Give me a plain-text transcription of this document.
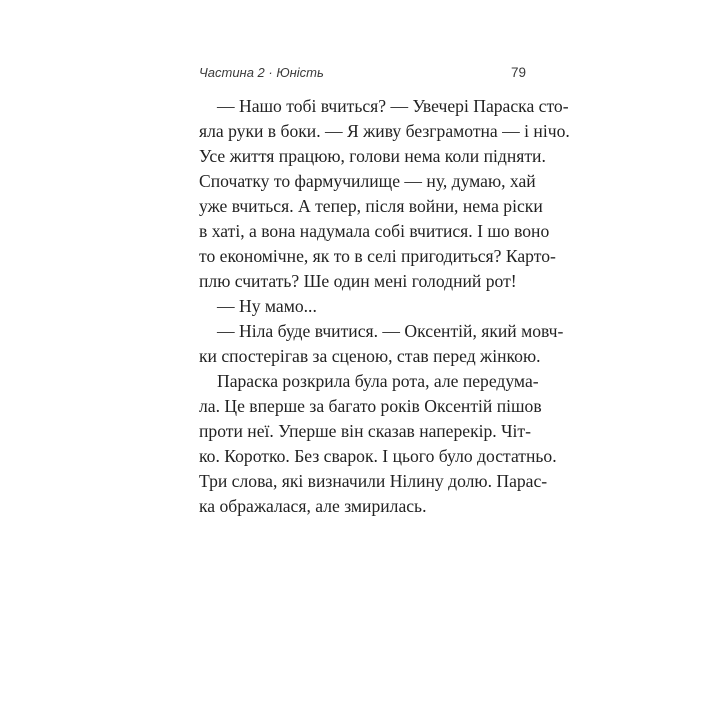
Частина 2 · Юність	79
— Нашо тобі вчиться? — Увечері Параска сто-
яла руки в боки. — Я живу безграмотна — і нічо.
Усе життя працюю, голови нема коли підняти.
Спочатку то фармучилище — ну, думаю, хай
уже вчиться. А тепер, після войни, нема ріски
в хаті, а вона надумала собі вчитися. І шо воно
то економічне, як то в селі пригодиться? Карто-
плю считать? Ше один мені голодний рот!
— Ну мамо...
— Ніла буде вчитися. — Оксентій, який мовч-
ки спостерігав за сценою, став перед жінкою.
Параска розкрила була рота, але передума-
ла. Це вперше за багато років Оксентій пішов
проти неї. Уперше він сказав наперекір. Чіт-
ко. Коротко. Без сварок. І цього було достатньо.
Три слова, які визначили Нілину долю. Парас-
ка ображалася, але змирилась.
